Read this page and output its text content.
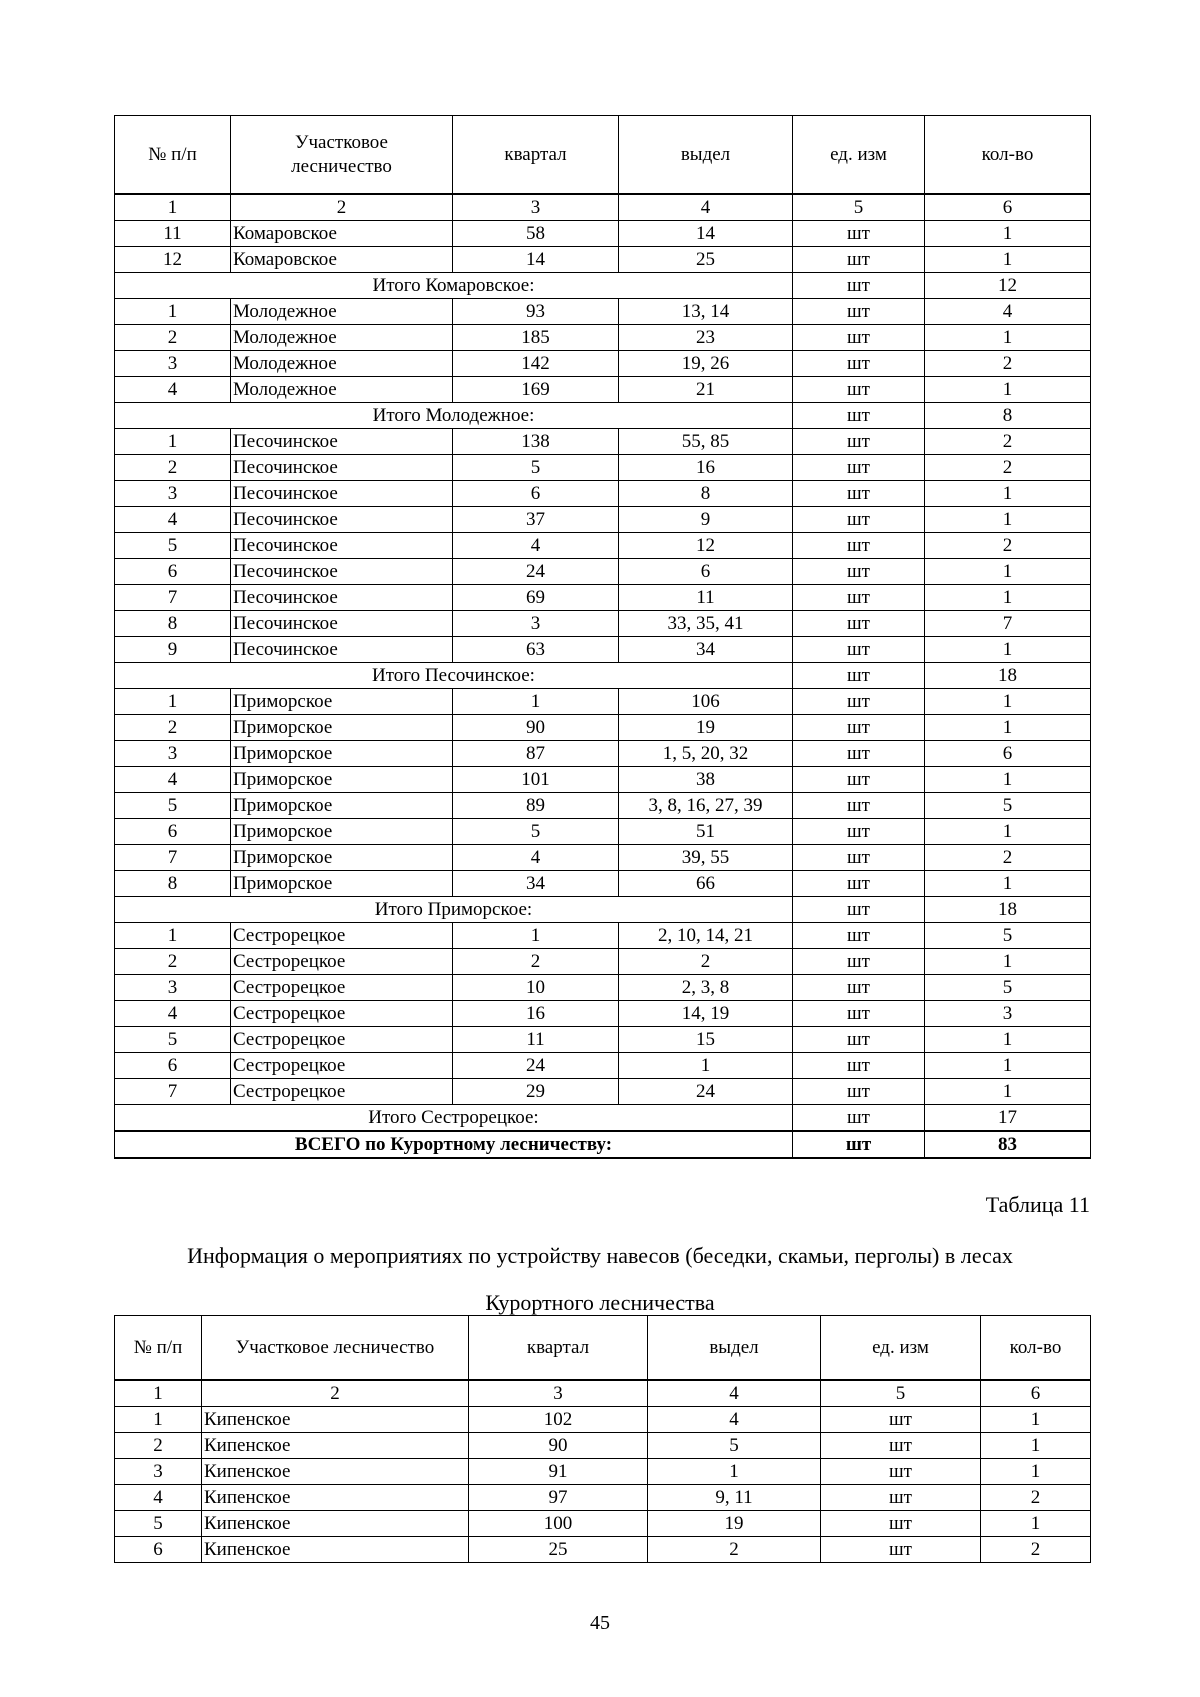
№ п/п	Участковое лесничество	квартал	выдел	ед. изм	кол-во
1	2	3	4	5	6
11	Комаровское	58	14	шт	1
12	Комаровское	14	25	шт	1
Итого Комаровское:				шт	12
1	Молодежное	93	13, 14	шт	4
2	Молодежное	185	23	шт	1
3	Молодежное	142	19, 26	шт	2
4	Молодежное	169	21	шт	1
Итого Молодежное:				шт	8
1	Песочинское	138	55, 85	шт	2
2	Песочинское	5	16	шт	2
3	Песочинское	6	8	шт	1
4	Песочинское	37	9	шт	1
5	Песочинское	4	12	шт	2
6	Песочинское	24	6	шт	1
7	Песочинское	69	11	шт	1
8	Песочинское	3	33, 35, 41	шт	7
9	Песочинское	63	34	шт	1
Итого Песочинское:				шт	18
1	Приморское	1	106	шт	1
2	Приморское	90	19	шт	1
3	Приморское	87	1, 5, 20, 32	шт	6
4	Приморское	101	38	шт	1
5	Приморское	89	3, 8, 16, 27, 39	шт	5
6	Приморское	5	51	шт	1
7	Приморское	4	39, 55	шт	2
8	Приморское	34	66	шт	1
Итого Приморское:				шт	18
1	Сестрорецкое	1	2, 10, 14, 21	шт	5
2	Сестрорецкое	2	2	шт	1
3	Сестрорецкое	10	2, 3, 8	шт	5
4	Сестрорецкое	16	14, 19	шт	3
5	Сестрорецкое	11	15	шт	1
6	Сестрорецкое	24	1	шт	1
7	Сестрорецкое	29	24	шт	1
Итого Сестрорецкое:				шт	17
ВСЕГО по Курортному лесничеству:				шт	83
Таблица 11
Информация о мероприятиях по устройству навесов (беседки, скамьи, перголы) в лесах
Курортного лесничества
№ п/п	Участковое лесничество	квартал	выдел	ед. изм	кол-во
1	2	3	4	5	6
1	Кипенское	102	4	шт	1
2	Кипенское	90	5	шт	1
3	Кипенское	91	1	шт	1
4	Кипенское	97	9, 11	шт	2
5	Кипенское	100	19	шт	1
6	Кипенское	25	2	шт	2
45
